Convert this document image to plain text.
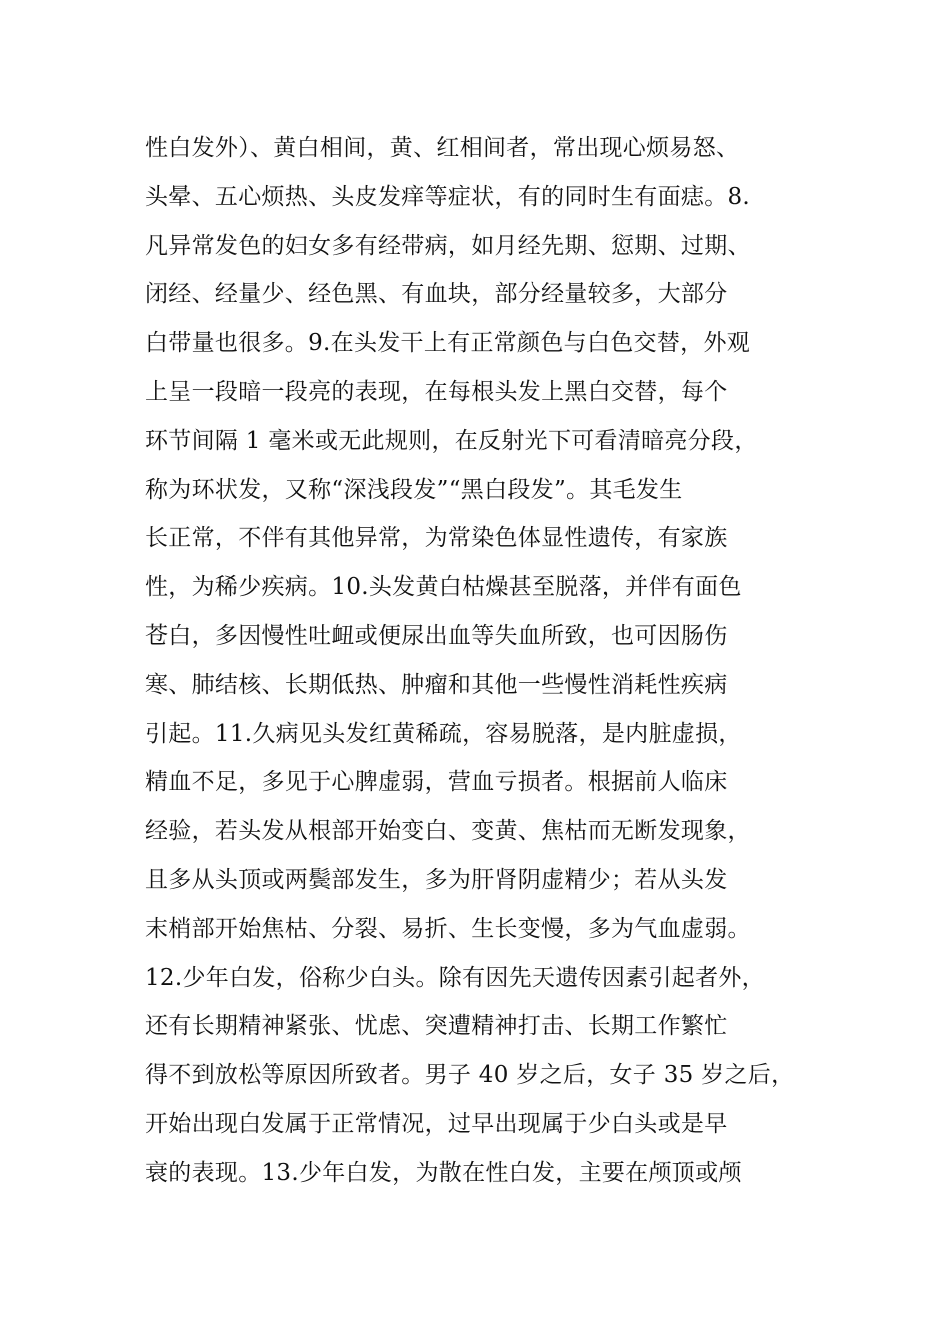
性白发外）、黄白相间，黄、红相间者，常出现心烦易怒、
头晕、五心烦热、头皮发痒等症状，有的同时生有面痣。8.
凡异常发色的妇女多有经带病，如月经先期、愆期、过期、
闭经、经量少、经色黑、有血块，部分经量较多，大部分
白带量也很多。9.在头发干上有正常颜色与白色交替，外观
上呈一段暗一段亮的表现，在每根头发上黑白交替，每个
环节间隔 1 毫米或无此规则，在反射光下可看清暗亮分段，
称为环状发，又称“深浅段发”“黑白段发”。其毛发生
长正常，不伴有其他异常，为常染色体显性遗传，有家族
性，为稀少疾病。10.头发黄白枯燥甚至脱落，并伴有面色
苍白，多因慢性吐衄或便尿出血等失血所致，也可因肠伤
寒、肺结核、长期低热、肿瘤和其他一些慢性消耗性疾病
引起。11.久病见头发红黄稀疏，容易脱落，是内脏虚损，
精血不足，多见于心脾虚弱，营血亏损者。根据前人临床
经验，若头发从根部开始变白、变黄、焦枯而无断发现象，
且多从头顶或两鬓部发生，多为肝肾阴虚精少；若从头发
末梢部开始焦枯、分裂、易折、生长变慢，多为气血虚弱。
12.少年白发，俗称少白头。除有因先天遗传因素引起者外，
还有长期精神紧张、忧虑、突遭精神打击、长期工作繁忙
得不到放松等原因所致者。男子 40 岁之后，女子 35 岁之后，
开始出现白发属于正常情况，过早出现属于少白头或是早
衰的表现。13.少年白发，为散在性白发，主要在颅顶或颅
